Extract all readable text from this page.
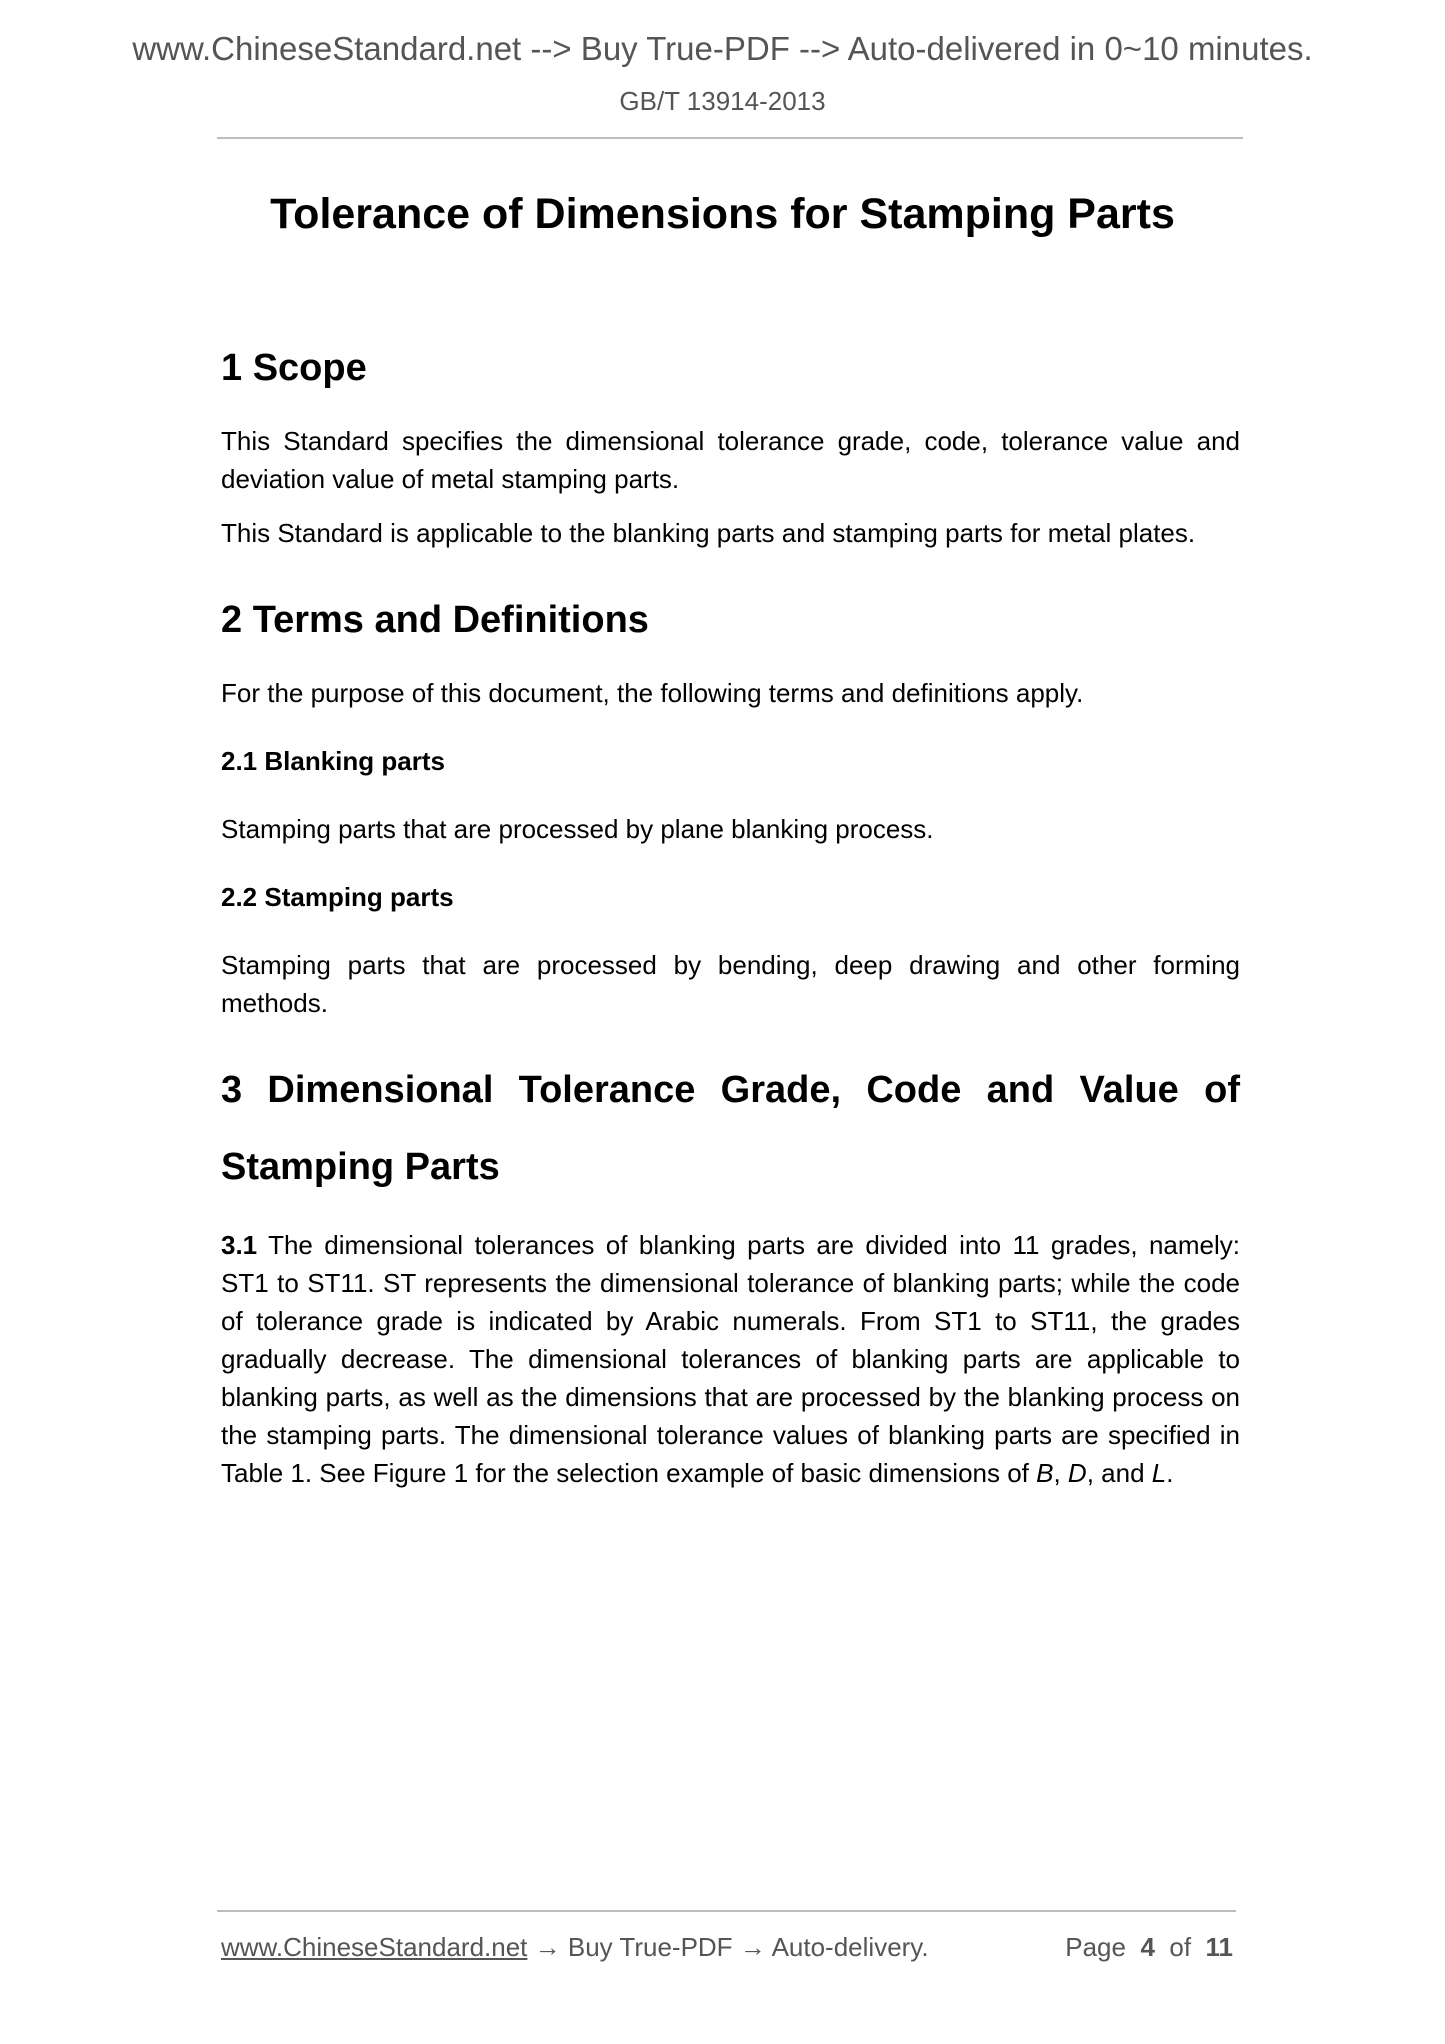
www.ChineseStandard.net --> Buy True-PDF --> Auto-delivered in 0~10 minutes.
GB/T 13914-2013
Tolerance of Dimensions for Stamping Parts
1 Scope

This Standard specifies the dimensional tolerance grade, code, tolerance value and deviation value of metal stamping parts.

This Standard is applicable to the blanking parts and stamping parts for metal plates.

2 Terms and Definitions

For the purpose of this document, the following terms and definitions apply.

2.1 Blanking parts

Stamping parts that are processed by plane blanking process.

2.2 Stamping parts

Stamping parts that are processed by bending, deep drawing and other forming methods.

3 Dimensional Tolerance Grade, Code and Value of
Stamping Parts

3.1 The dimensional tolerances of blanking parts are divided into 11 grades, namely: ST1 to ST11. ST represents the dimensional tolerance of blanking parts; while the code of tolerance grade is indicated by Arabic numerals. From ST1 to ST11, the grades gradually decrease. The dimensional tolerances of blanking parts are applicable to blanking parts, as well as the dimensions that are processed by the blanking process on the stamping parts. The dimensional tolerance values of blanking parts are specified in Table 1. See Figure 1 for the selection example of basic dimensions of B, D, and L.

www.ChineseStandard.net → Buy True-PDF → Auto-delivery.	Page 4 of 11
